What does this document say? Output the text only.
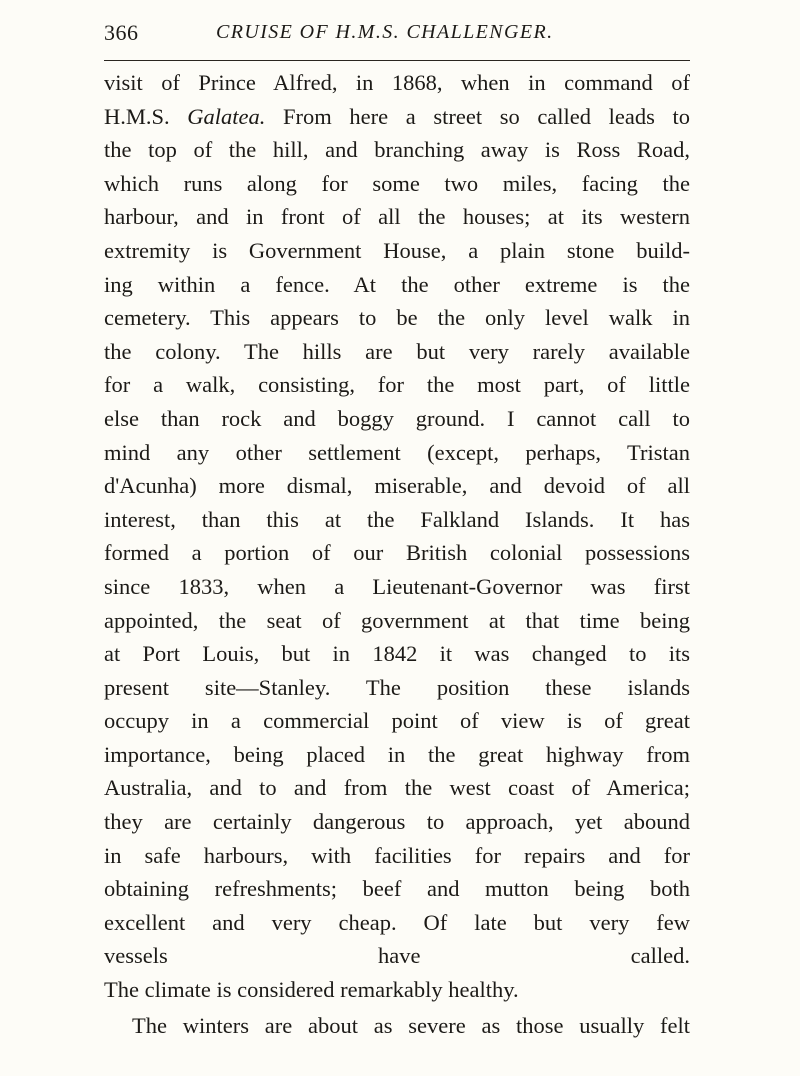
366	CRUISE OF H.M.S. CHALLENGER.
visit of Prince Alfred, in 1868, when in command of
H.M.S. Galatea. From here a street so called leads to
the top of the hill, and branching away is Ross Road,
which runs along for some two miles, facing the
harbour, and in front of all the houses; at its western
extremity is Government House, a plain stone build-
ing within a fence. At the other extreme is the
cemetery. This appears to be the only level walk in
the colony. The hills are but very rarely available
for a walk, consisting, for the most part, of little
else than rock and boggy ground. I cannot call to
mind any other settlement (except, perhaps, Tristan
d'Acunha) more dismal, miserable, and devoid of all
interest, than this at the Falkland Islands. It has
formed a portion of our British colonial possessions
since 1833, when a Lieutenant-Governor was first
appointed, the seat of government at that time being
at Port Louis, but in 1842 it was changed to its
present site—Stanley. The position these islands
occupy in a commercial point of view is of great
importance, being placed in the great highway from
Australia, and to and from the west coast of America;
they are certainly dangerous to approach, yet abound
in safe harbours, with facilities for repairs and for
obtaining refreshments; beef and mutton being both
excellent and very cheap. Of late but very few
vessels have called.
The climate is considered remarkably healthy.
The winters are about as severe as those usually felt
